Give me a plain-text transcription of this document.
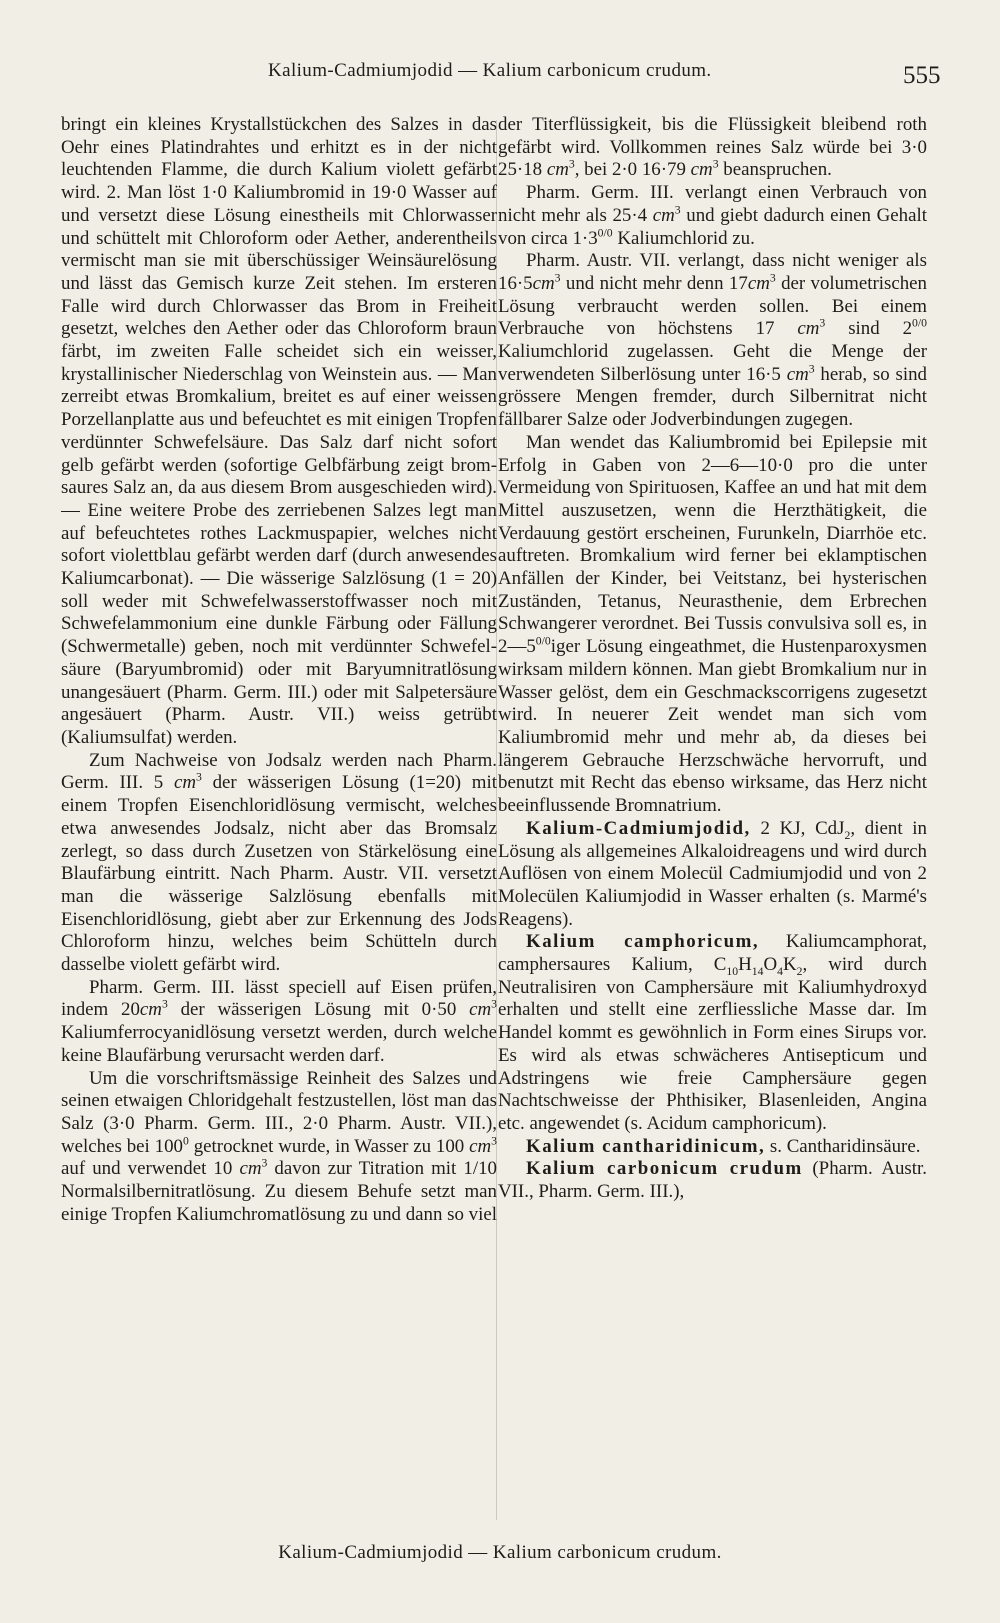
Kalium-Cadmiumjodid — Kalium carbonicum crudum.	555

bringt ein kleines Krystallstückchen des Salzes in das Oehr eines Platindrahtes und erhitzt es in der nicht leuchtenden Flamme, die durch Kalium violett gefärbt wird. 2. Man löst 1·0 Kaliumbromid in 19·0 Wasser auf und versetzt diese Lösung einestheils mit Chlorwasser und schüttelt mit Chloroform oder Aether, anderentheils vermischt man sie mit überschüssiger Weinsäurelösung und lässt das Gemisch kurze Zeit stehen. Im ersteren Falle wird durch Chlorwasser das Brom in Freiheit gesetzt, welches den Aether oder das Chloroform braun färbt, im zweiten Falle scheidet sich ein weisser, krystallinischer Niederschlag von Weinstein aus. — Man zerreibt etwas Bromkalium, breitet es auf einer weissen Porzellanplatte aus und befeuchtet es mit einigen Tropfen verdünnter Schwefelsäure. Das Salz darf nicht sofort gelb gefärbt werden (sofortige Gelbfärbung zeigt bromsaures Salz an, da aus diesem Brom ausgeschieden wird). — Eine weitere Probe des zerriebenen Salzes legt man auf befeuchtetes rothes Lackmuspapier, welches nicht sofort violettblau gefärbt werden darf (durch anwesendes Kaliumcarbonat). — Die wässerige Salzlösung (1 = 20) soll weder mit Schwefelwasserstoffwasser noch mit Schwefelammonium eine dunkle Färbung oder Fällung (Schwermetalle) geben, noch mit verdünnter Schwefelsäure (Baryumbromid) oder mit Baryumnitratlösung unangesäuert (Pharm. Germ. III.) oder mit Salpetersäure angesäuert (Pharm. Austr. VII.) weiss getrübt (Kaliumsulfat) werden.

Zum Nachweise von Jodsalz werden nach Pharm. Germ. III. 5 $cm^3$ der wässerigen Lösung (1=20) mit einem Tropfen Eisenchloridlösung vermischt, welches etwa anwesendes Jodsalz, nicht aber das Bromsalz zerlegt, so dass durch Zusetzen von Stärkelösung eine Blaufärbung eintritt. Nach Pharm. Austr. VII. versetzt man die wässerige Salzlösung ebenfalls mit Eisenchloridlösung, giebt aber zur Erkennung des Jods Chloroform hinzu, welches beim Schütteln durch dasselbe violett gefärbt wird.

Pharm. Germ. III. lässt speciell auf Eisen prüfen, indem $20cm^3$ der wässerigen Lösung mit 0·50 $cm^3$ Kaliumferrocyanidlösung versetzt werden, durch welche keine Blaufärbung verursacht werden darf.

Um die vorschriftsmässige Reinheit des Salzes und seinen etwaigen Chloridgehalt festzustellen, löst man das Salz (3·0 Pharm. Germ. III., 2·0 Pharm. Austr. VII.), welches bei $100^0$ getrocknet wurde, in Wasser zu 100 $cm^3$ auf und verwendet 10 $cm^3$ davon zur Titration mit 1/10 Normalsilbernitratlösung. Zu diesem Behufe setzt man einige Tropfen Kaliumchromatlösung zu und dann so viel

der Titerflüssigkeit, bis die Flüssigkeit bleibend roth gefärbt wird. Vollkommen reines Salz würde bei 3·0 25·18 $cm^3$, bei 2·0 16·79 $cm^3$ beanspruchen.

Pharm. Germ. III. verlangt einen Verbrauch von nicht mehr als 25·4 $cm^3$ und giebt dadurch einen Gehalt von circa $1\cdot 3^{0/0}$ Kaliumchlorid zu.

Pharm. Austr. VII. verlangt, dass nicht weniger als $16\cdot 5cm^3$ und nicht mehr denn $17cm^3$ der volumetrischen Lösung verbraucht werden sollen. Bei einem Verbrauche von höchstens 17 $cm^3$ sind $2^{0/0}$ Kaliumchlorid zugelassen. Geht die Menge der verwendeten Silberlösung unter 16·5 $cm^3$ herab, so sind grössere Mengen fremder, durch Silbernitrat nicht fällbarer Salze oder Jodverbindungen zugegen.

Man wendet das Kaliumbromid bei Epilepsie mit Erfolg in Gaben von 2—6—10·0 pro die unter Vermeidung von Spirituosen, Kaffee an und hat mit dem Mittel auszusetzen, wenn die Herzthätigkeit, die Verdauung gestört erscheinen, Furunkeln, Diarrhöe etc. auftreten. Bromkalium wird ferner bei eklamptischen Anfällen der Kinder, bei Veitstanz, bei hysterischen Zuständen, Tetanus, Neurasthenie, dem Erbrechen Schwangerer verordnet. Bei Tussis convulsiva soll es, in $2—5^{0/0}iger$ Lösung eingeathmet, die Hustenparoxysmen wirksam mildern können. Man giebt Bromkalium nur in Wasser gelöst, dem ein Geschmackscorrigens zugesetzt wird. In neuerer Zeit wendet man sich vom Kaliumbromid mehr und mehr ab, da dieses bei längerem Gebrauche Herzschwäche hervorruft, und benutzt mit Recht das ebenso wirksame, das Herz nicht beeinflussende Bromnatrium.

Kalium-Cadmiumjodid, 2 KJ, CdJ$_2$, dient in Lösung als allgemeines Alkaloidreagens und wird durch Auflösen von einem Molecül Cadmiumjodid und von 2 Molecülen Kaliumjodid in Wasser erhalten (s. Marmé's Reagens).

Kalium camphoricum, Kaliumcamphorat, camphersaures Kalium, $C_{10}H_{14}O_4K_2$, wird durch Neutralisiren von Camphersäure mit Kaliumhydroxyd erhalten und stellt eine zerfliessliche Masse dar. Im Handel kommt es gewöhnlich in Form eines Sirups vor. Es wird als etwas schwächeres Antisepticum und Adstringens wie freie Camphersäure gegen Nachtschweisse der Phthisiker, Blasenleiden, Angina etc. angewendet (s. Acidum camphoricum).

Kalium cantharidinicum, s. Cantharidinsäure.

Kalium carbonicum crudum (Pharm. Austr. VII., Pharm. Germ. III.),

Kalium-Cadmiumjodid — Kalium carbonicum crudum.
